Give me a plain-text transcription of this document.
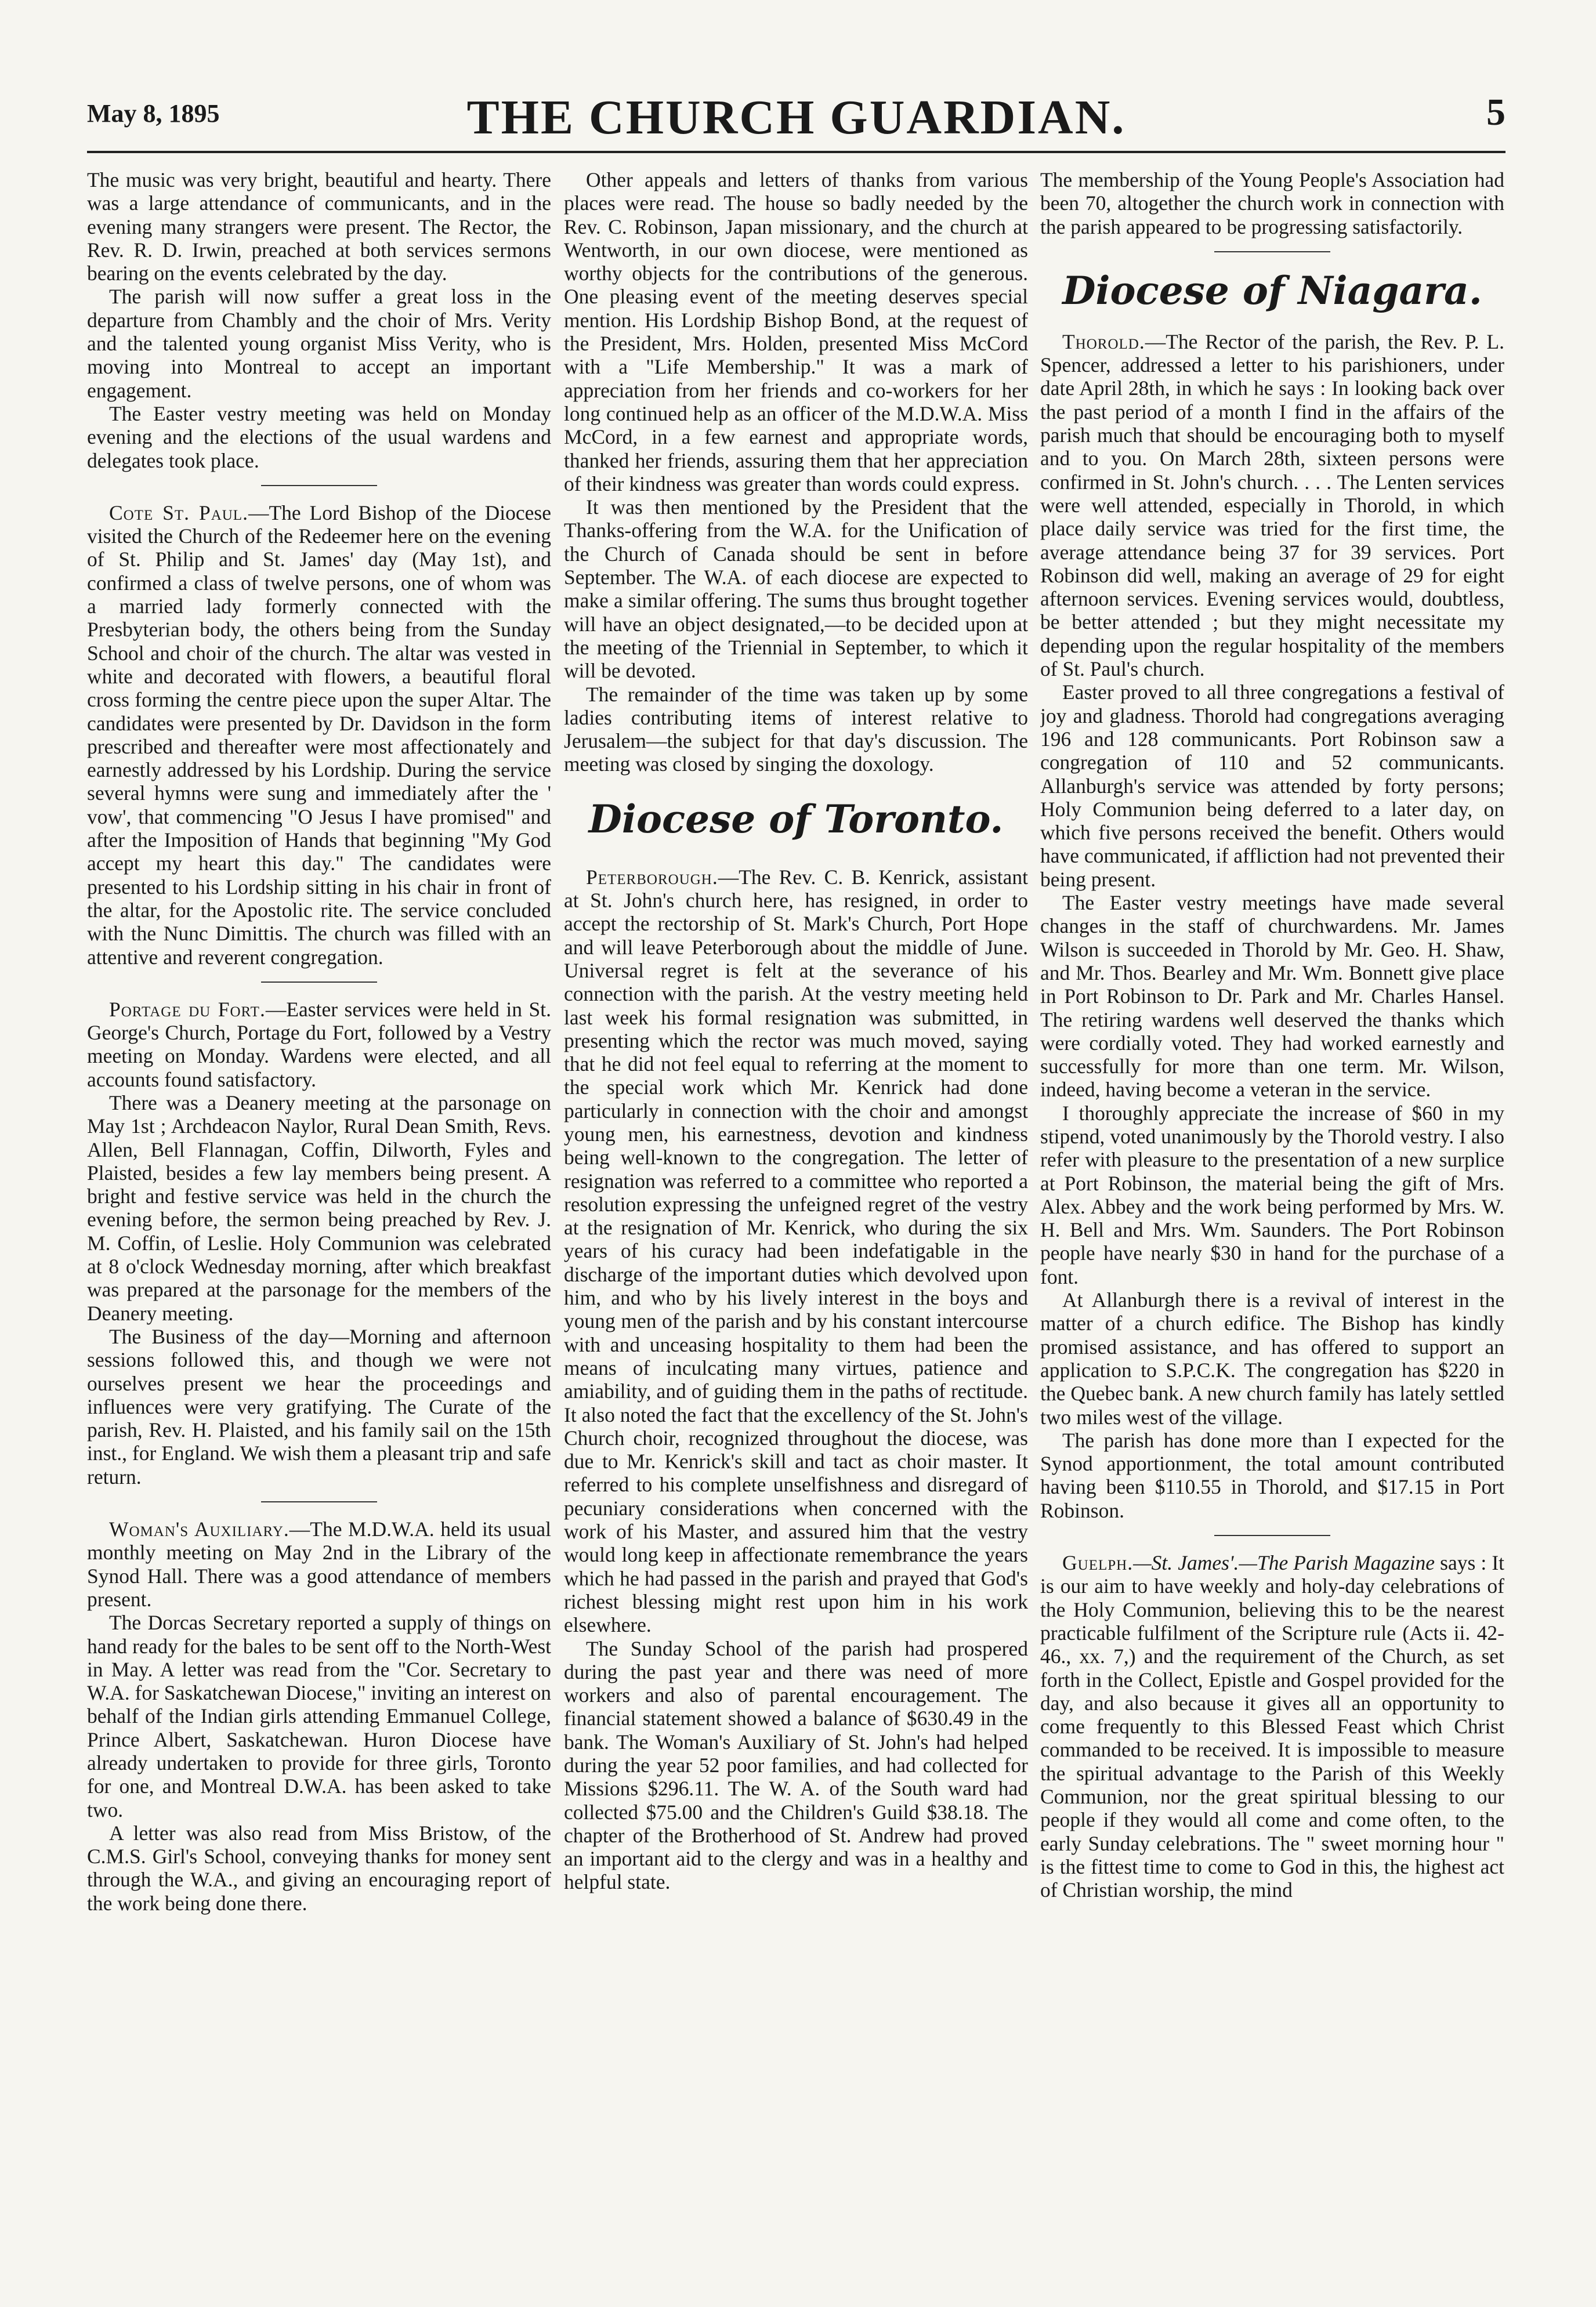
May 8, 1895	THE CHURCH GUARDIAN.	5

The music was very bright, beautiful and hearty. There was a large attendance of communicants, and in the evening many strangers were present. The Rector, the Rev. R. D. Irwin, preached at both services sermons bearing on the events celebrated by the day.

The parish will now suffer a great loss in the departure from Chambly and the choir of Mrs. Verity and the talented young organist Miss Verity, who is moving into Montreal to accept an important engagement.

The Easter vestry meeting was held on Monday evening and the elections of the usual wardens and delegates took place.

Cote St. Paul.—The Lord Bishop of the Diocese visited the Church of the Redeemer here on the evening of St. Philip and St. James' day (May 1st), and confirmed a class of twelve persons, one of whom was a married lady formerly connected with the Presbyterian body, the others being from the Sunday School and choir of the church. The altar was vested in white and decorated with flowers, a beautiful floral cross forming the centre piece upon the super Altar. The candidates were presented by Dr. Davidson in the form prescribed and thereafter were most affectionately and earnestly addressed by his Lordship. During the service several hymns were sung and immediately after the ' vow', that commencing "O Jesus I have promised" and after the Imposition of Hands that beginning "My God accept my heart this day." The candidates were presented to his Lordship sitting in his chair in front of the altar, for the Apostolic rite. The service concluded with the Nunc Dimittis. The church was filled with an attentive and reverent congregation.

Portage du Fort.—Easter services were held in St. George's Church, Portage du Fort, followed by a Vestry meeting on Monday. Wardens were elected, and all accounts found satisfactory.

There was a Deanery meeting at the parsonage on May 1st ; Archdeacon Naylor, Rural Dean Smith, Revs. Allen, Bell Flannagan, Coffin, Dilworth, Fyles and Plaisted, besides a few lay members being present. A bright and festive service was held in the church the evening before, the sermon being preached by Rev. J. M. Coffin, of Leslie. Holy Communion was celebrated at 8 o'clock Wednesday morning, after which breakfast was prepared at the parsonage for the members of the Deanery meeting.

The Business of the day—Morning and afternoon sessions followed this, and though we were not ourselves present we hear the proceedings and influences were very gratifying. The Curate of the parish, Rev. H. Plaisted, and his family sail on the 15th inst., for England. We wish them a pleasant trip and safe return.

Woman's Auxiliary.—The M.D.W.A. held its usual monthly meeting on May 2nd in the Library of the Synod Hall. There was a good attendance of members present.

The Dorcas Secretary reported a supply of things on hand ready for the bales to be sent off to the North-West in May. A letter was read from the "Cor. Secretary to W.A. for Saskatchewan Diocese," inviting an interest on behalf of the Indian girls attending Emmanuel College, Prince Albert, Saskatchewan. Huron Diocese have already undertaken to provide for three girls, Toronto for one, and Montreal D.W.A. has been asked to take two.

A letter was also read from Miss Bristow, of the C.M.S. Girl's School, conveying thanks for money sent through the W.A., and giving an encouraging report of the work being done there.

Other appeals and letters of thanks from various places were read. The house so badly needed by the Rev. C. Robinson, Japan missionary, and the church at Wentworth, in our own diocese, were mentioned as worthy objects for the contributions of the generous. One pleasing event of the meeting deserves special mention. His Lordship Bishop Bond, at the request of the President, Mrs. Holden, presented Miss McCord with a "Life Membership." It was a mark of appreciation from her friends and co-workers for her long continued help as an officer of the M.D.W.A. Miss McCord, in a few earnest and appropriate words, thanked her friends, assuring them that her appreciation of their kindness was greater than words could express.

It was then mentioned by the President that the Thanks-offering from the W.A. for the Unification of the Church of Canada should be sent in before September. The W.A. of each diocese are expected to make a similar offering. The sums thus brought together will have an object designated,—to be decided upon at the meeting of the Triennial in September, to which it will be devoted.

The remainder of the time was taken up by some ladies contributing items of interest relative to Jerusalem—the subject for that day's discussion. The meeting was closed by singing the doxology.

Diocese of Toronto.

Peterborough.—The Rev. C. B. Kenrick, assistant at St. John's church here, has resigned, in order to accept the rectorship of St. Mark's Church, Port Hope and will leave Peterborough about the middle of June. Universal regret is felt at the severance of his connection with the parish. At the vestry meeting held last week his formal resignation was submitted, in presenting which the rector was much moved, saying that he did not feel equal to referring at the moment to the special work which Mr. Kenrick had done particularly in connection with the choir and amongst young men, his earnestness, devotion and kindness being well-known to the congregation. The letter of resignation was referred to a committee who reported a resolution expressing the unfeigned regret of the vestry at the resignation of Mr. Kenrick, who during the six years of his curacy had been indefatigable in the discharge of the important duties which devolved upon him, and who by his lively interest in the boys and young men of the parish and by his constant intercourse with and unceasing hospitality to them had been the means of inculcating many virtues, patience and amiability, and of guiding them in the paths of rectitude. It also noted the fact that the excellency of the St. John's Church choir, recognized throughout the diocese, was due to Mr. Kenrick's skill and tact as choir master. It referred to his complete unselfishness and disregard of pecuniary considerations when concerned with the work of his Master, and assured him that the vestry would long keep in affectionate remembrance the years which he had passed in the parish and prayed that God's richest blessing might rest upon him in his work elsewhere.

The Sunday School of the parish had prospered during the past year and there was need of more workers and also of parental encouragement. The financial statement showed a balance of $630.49 in the bank. The Woman's Auxiliary of St. John's had helped during the year 52 poor families, and had collected for Missions $296.11. The W. A. of the South ward had collected $75.00 and the Children's Guild $38.18. The chapter of the Brotherhood of St. Andrew had proved an important aid to the clergy and was in a healthy and helpful state.

The membership of the Young People's Association had been 70, altogether the church work in connection with the parish appeared to be progressing satisfactorily.

Diocese of Niagara.

Thorold.—The Rector of the parish, the Rev. P. L. Spencer, addressed a letter to his parishioners, under date April 28th, in which he says : In looking back over the past period of a month I find in the affairs of the parish much that should be encouraging both to myself and to you. On March 28th, sixteen persons were confirmed in St. John's church. . . . The Lenten services were well attended, especially in Thorold, in which place daily service was tried for the first time, the average attendance being 37 for 39 services. Port Robinson did well, making an average of 29 for eight afternoon services. Evening services would, doubtless, be better attended ; but they might necessitate my depending upon the regular hospitality of the members of St. Paul's church.

Easter proved to all three congregations a festival of joy and gladness. Thorold had congregations averaging 196 and 128 communicants. Port Robinson saw a congregation of 110 and 52 communicants. Allanburgh's service was attended by forty persons; Holy Communion being deferred to a later day, on which five persons received the benefit. Others would have communicated, if affliction had not prevented their being present.

The Easter vestry meetings have made several changes in the staff of churchwardens. Mr. James Wilson is succeeded in Thorold by Mr. Geo. H. Shaw, and Mr. Thos. Bearley and Mr. Wm. Bonnett give place in Port Robinson to Dr. Park and Mr. Charles Hansel. The retiring wardens well deserved the thanks which were cordially voted. They had worked earnestly and successfully for more than one term. Mr. Wilson, indeed, having become a veteran in the service.

I thoroughly appreciate the increase of $60 in my stipend, voted unanimously by the Thorold vestry. I also refer with pleasure to the presentation of a new surplice at Port Robinson, the material being the gift of Mrs. Alex. Abbey and the work being performed by Mrs. W. H. Bell and Mrs. Wm. Saunders. The Port Robinson people have nearly $30 in hand for the purchase of a font.

At Allanburgh there is a revival of interest in the matter of a church edifice. The Bishop has kindly promised assistance, and has offered to support an application to S.P.C.K. The congregation has $220 in the Quebec bank. A new church family has lately settled two miles west of the village.

The parish has done more than I expected for the Synod apportionment, the total amount contributed having been $110.55 in Thorold, and $17.15 in Port Robinson.

Guelph.—St. James'.—The Parish Magazine says : It is our aim to have weekly and holy-day celebrations of the Holy Communion, believing this to be the nearest practicable fulfilment of the Scripture rule (Acts ii. 42-46., xx. 7,) and the requirement of the Church, as set forth in the Collect, Epistle and Gospel provided for the day, and also because it gives all an opportunity to come frequently to this Blessed Feast which Christ commanded to be received. It is impossible to measure the spiritual advantage to the Parish of this Weekly Communion, nor the great spiritual blessing to our people if they would all come and come often, to the early Sunday celebrations. The " sweet morning hour " is the fittest time to come to God in this, the highest act of Christian worship, the mind
